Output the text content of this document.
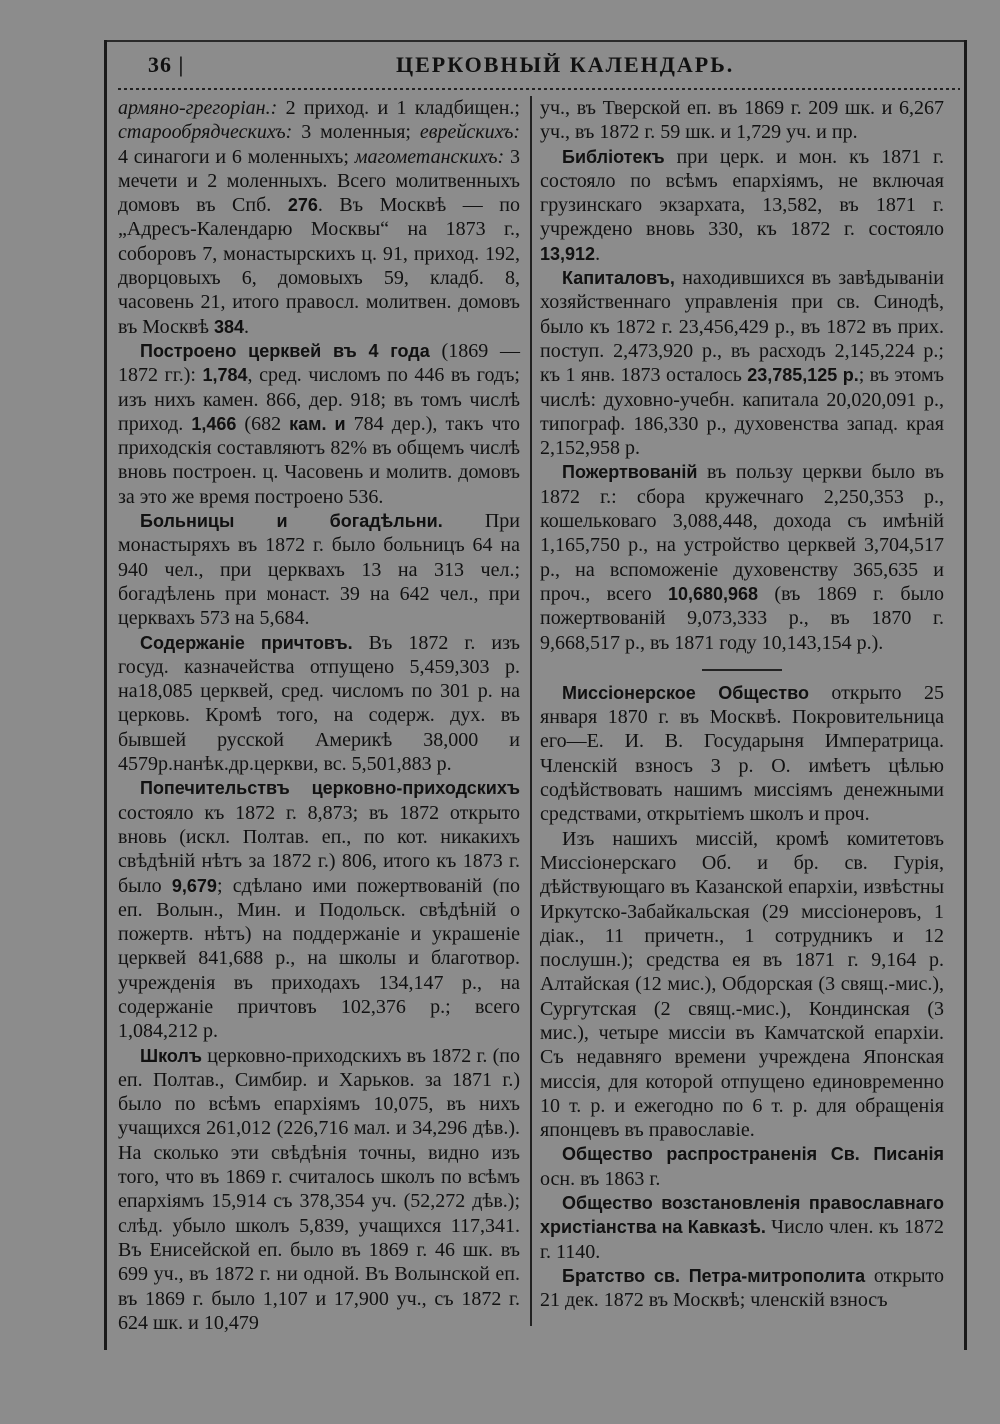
36 |	ЦЕРКОВНЫЙ КАЛЕНДАРЬ.

армяно-грегоріан.: 2 приход. и 1 кладбищен.; старообрядческихъ: 3 моленныя; еврейскихъ: 4 синагоги и 6 моленныхъ; магометанскихъ: 3 мечети и 2 моленныхъ. Всего молитвенныхъ домовъ въ Спб. 276. Въ Москвѣ — по „Адресъ-Календарю Москвы“ на 1873 г., соборовъ 7, монастырскихъ ц. 91, приход. 192, дворцовыхъ 6, домовыхъ 59, кладб. 8, часовень 21, итого правосл. молитвен. домовъ въ Москвѣ 384.

Построено церквей въ 4 года (1869 — 1872 гг.): 1,784, сред. числомъ по 446 въ годъ; изъ нихъ камен. 866, дер. 918; въ томъ числѣ приход. 1,466 (682 кам. и 784 дер.), такъ что приходскія составляютъ 82% въ общемъ числѣ вновь построен. ц. Часовень и молитв. домовъ за это же время построено 536.

Больницы и богадѣльни. При монастыряхъ въ 1872 г. было больницъ 64 на 940 чел., при церквахъ 13 на 313 чел.; богадѣлень при монаст. 39 на 642 чел., при церквахъ 573 на 5,684.

Содержаніе причтовъ. Въ 1872 г. изъ госуд. казначейства отпущено 5,459,303 р. на18,085 церквей, сред. числомъ по 301 р. на церковь. Кромѣ того, на содерж. дух. въ бывшей русской Америкѣ 38,000 и 4579р.нанѣк.др.церкви, вс. 5,501,883 р.

Попечительствъ церковно-приходскихъ состояло къ 1872 г. 8,873; въ 1872 открыто вновь (искл. Полтав. еп., по кот. никакихъ свѣдѣній нѣтъ за 1872 г.) 806, итого къ 1873 г. было 9,679; сдѣлано ими пожертвованій (по еп. Волын., Мин. и Подольск. свѣдѣній о пожертв. нѣтъ) на поддержаніе и украшеніе церквей 841,688 р., на школы и благотвор. учрежденія въ приходахъ 134,147 р., на содержаніе причтовъ 102,376 р.; всего 1,084,212 р.

Школъ церковно-приходскихъ въ 1872 г. (по еп. Полтав., Симбир. и Харьков. за 1871 г.) было по всѣмъ епархіямъ 10,075, въ нихъ учащихся 261,012 (226,716 мал. и 34,296 дѣв.). На сколько эти свѣдѣнія точны, видно изъ того, что въ 1869 г. считалось школъ по всѣмъ епархіямъ 15,914 съ 378,354 уч. (52,272 дѣв.); слѣд. убыло школъ 5,839, учащихся 117,341. Въ Енисейской еп. было въ 1869 г. 46 шк. въ 699 уч., въ 1872 г. ни одной. Въ Волынской еп. въ 1869 г. было 1,107 и 17,900 уч., съ 1872 г. 624 шк. и 10,479

уч., въ Тверской еп. въ 1869 г. 209 шк. и 6,267 уч., въ 1872 г. 59 шк. и 1,729 уч. и пр.

Библіотекъ при церк. и мон. къ 1871 г. состояло по всѣмъ епархіямъ, не включая грузинскаго экзархата, 13,582, въ 1871 г. учреждено вновь 330, къ 1872 г. состояло 13,912.

Капиталовъ, находившихся въ завѣдываніи хозяйственнаго управленія при св. Синодѣ, было къ 1872 г. 23,456,429 р., въ 1872 въ прих. поступ. 2,473,920 р., въ расходъ 2,145,224 р.; къ 1 янв. 1873 осталось 23,785,125 р.; въ этомъ числѣ: духовно-учебн. капитала 20,020,091 р., типограф. 186,330 р., духовенства запад. края 2,152,958 р.

Пожертвованій въ пользу церкви было въ 1872 г.: сбора кружечнаго 2,250,353 р., кошельковаго 3,088,448, дохода съ имѣній 1,165,750 р., на устройство церквей 3,704,517 р., на вспоможеніе духовенству 365,635 и проч., всего 10,680,968 (въ 1869 г. было пожертвованій 9,073,333 р., въ 1870 г. 9,668,517 р., въ 1871 году 10,143,154 р.).

Миссіонерское Общество открыто 25 января 1870 г. въ Москвѣ. Покровительница его—Е. И. В. Государыня Императрица. Членскій взносъ 3 р. О. имѣетъ цѣлью содѣйствовать нашимъ миссіямъ денежными средствами, открытіемъ школъ и проч.

Изъ нашихъ миссій, кромѣ комитетовъ Миссіонерскаго Об. и бр. св. Гурія, дѣйствующаго въ Казанской епархіи, извѣстны Иркутско-Забайкальская (29 миссіонеровъ, 1 діак., 11 причетн., 1 сотрудникъ и 12 послушн.); средства ея въ 1871 г. 9,164 р. Алтайская (12 мис.), Обдорская (3 свящ.-мис.), Сургутская (2 свящ.-мис.), Кондинская (3 мис.), четыре миссіи въ Камчатской епархіи. Съ недавняго времени учреждена Японская миссія, для которой отпущено единовременно 10 т. р. и ежегодно по 6 т. р. для обращенія японцевъ въ православіе.

Общество распространенія Св. Писанія осн. въ 1863 г.

Общество возстановленія православнаго христіанства на Кавказѣ. Число член. къ 1872 г. 1140.

Братство св. Петра-митрополита открыто 21 дек. 1872 въ Москвѣ; членскій взносъ
